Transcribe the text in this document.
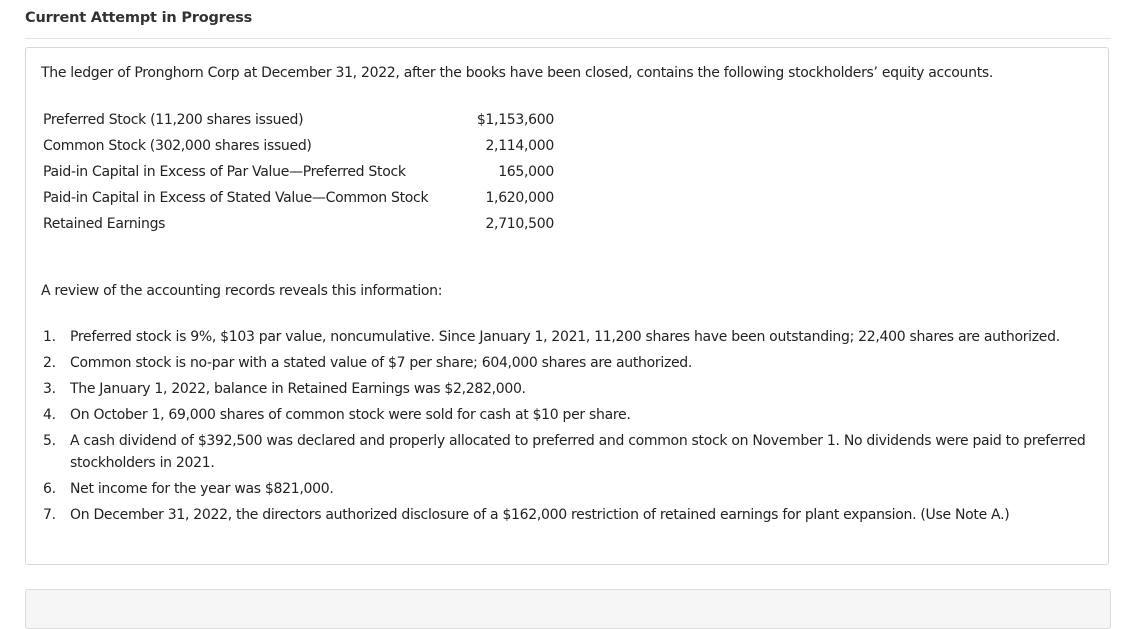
Current Attempt in Progress
The ledger of Pronghorn Corp at December 31, 2022, after the books have been closed, contains the following stockholders’ equity accounts.
Preferred Stock (11,200 shares issued)	$1,153,600
Common Stock (302,000 shares issued)	2,114,000
Paid-in Capital in Excess of Par Value—Preferred Stock	165,000
Paid-in Capital in Excess of Stated Value—Common Stock	1,620,000
Retained Earnings	2,710,500
A review of the accounting records reveals this information:
1. Preferred stock is 9%, $103 par value, noncumulative. Since January 1, 2021, 11,200 shares have been outstanding; 22,400 shares are authorized.
2. Common stock is no-par with a stated value of $7 per share; 604,000 shares are authorized.
3. The January 1, 2022, balance in Retained Earnings was $2,282,000.
4. On October 1, 69,000 shares of common stock were sold for cash at $10 per share.
5. A cash dividend of $392,500 was declared and properly allocated to preferred and common stock on November 1. No dividends were paid to preferred stockholders in 2021.
6. Net income for the year was $821,000.
7. On December 31, 2022, the directors authorized disclosure of a $162,000 restriction of retained earnings for plant expansion. (Use Note A.)
